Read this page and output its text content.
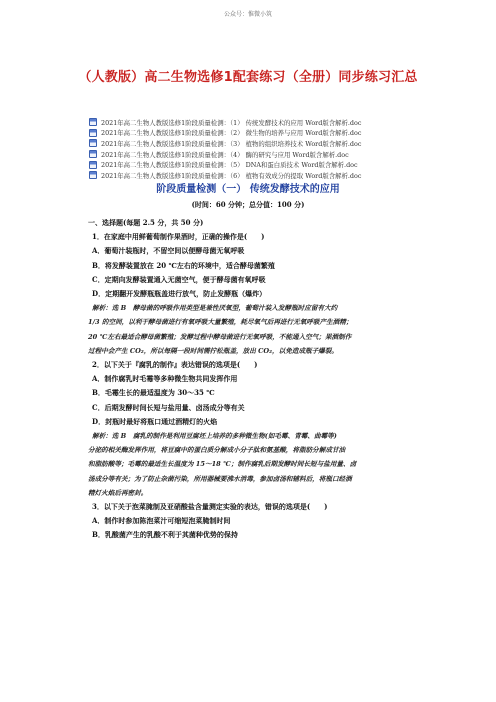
公众号：惟微小筑
（人教版）高二生物选修1配套练习（全册）同步练习汇总
2021年高二生物人教版选修1阶段质量检测：（1） 传统发酵技术的应用 Word版含解析.doc
2021年高二生物人教版选修1阶段质量检测：（2） 微生物的培养与应用 Word版含解析.doc
2021年高二生物人教版选修1阶段质量检测：（3） 植物的组织培养技术 Word版含解析.doc
2021年高二生物人教版选修1阶段质量检测：（4） 酶的研究与应用 Word版含解析.doc
2021年高二生物人教版选修1阶段质量检测：（5） DNA和蛋白质技术 Word版含解析.doc
2021年高二生物人教版选修1阶段质量检测：（6） 植物有效成分的提取 Word版含解析.doc
阶段质量检测（一） 传统发酵技术的应用
(时间：60 分钟；总分值：100 分)
一、选择题(每题 2.5 分，共 50 分)
1．在家庭中用鲜葡萄制作果酒时，正确的操作是(　　)
A．葡萄汁装瓶时，不留空间以便酵母菌无氧呼吸
B．将发酵装置放在 20 ℃左右的环境中，适合酵母菌繁殖
C．定期向发酵装置通入无菌空气，便于酵母菌有氧呼吸
D．定期翻开发酵瓶瓶盖进行放气，防止发酵瓶（爆炸）
解析：选 B　酵母菌的呼吸作用类型是兼性厌氧型，葡萄汁装入发酵瓶时应留有大约
1/3 的空间，以利于酵母菌进行有氧呼吸大量繁殖，耗尽氧气后再进行无氧呼吸产生酒精；
20 ℃左右最适合酵母菌繁殖；发酵过程中酵母菌进行无氧呼吸，不能通入空气；果酒制作
过程中会产生 CO₂，所以每隔一段时间需拧松瓶盖，放出 CO₂，以免造成瓶子爆裂。
2．以下关于『腐乳的制作』表达错误的选项是(　　)
A．制作腐乳时毛霉等多种微生物共同发挥作用
B．毛霉生长的最适温度为 30～35 ℃
C．后期发酵时间长短与盐用量、卤汤成分等有关
D．封瓶时最好将瓶口通过酒精灯的火焰
解析：选 B　腐乳的制作是利用豆腐坯上培养的多种微生物(如毛霉、青霉、曲霉等)
分泌的相关酶发挥作用，将豆腐中的蛋白质分解成小分子肽和氨基酸，将脂肪分解成甘油
和脂肪酸等；毛霉的最适生长温度为 15～18 ℃；制作腐乳后期发酵时间长短与盐用量、卤
汤成分等有关；为了防止杂菌污染，所用器械要沸水消毒，参加卤汤和辅料后，将瓶口经酒
精灯火焰后再密封。
3．以下关于泡菜腌制及亚硝酸盐含量测定实验的表达，错误的选项是(　　)
A．制作时参加陈泡菜汁可缩短泡菜腌制时间
B．乳酸菌产生的乳酸不利于其菌种优势的保持
